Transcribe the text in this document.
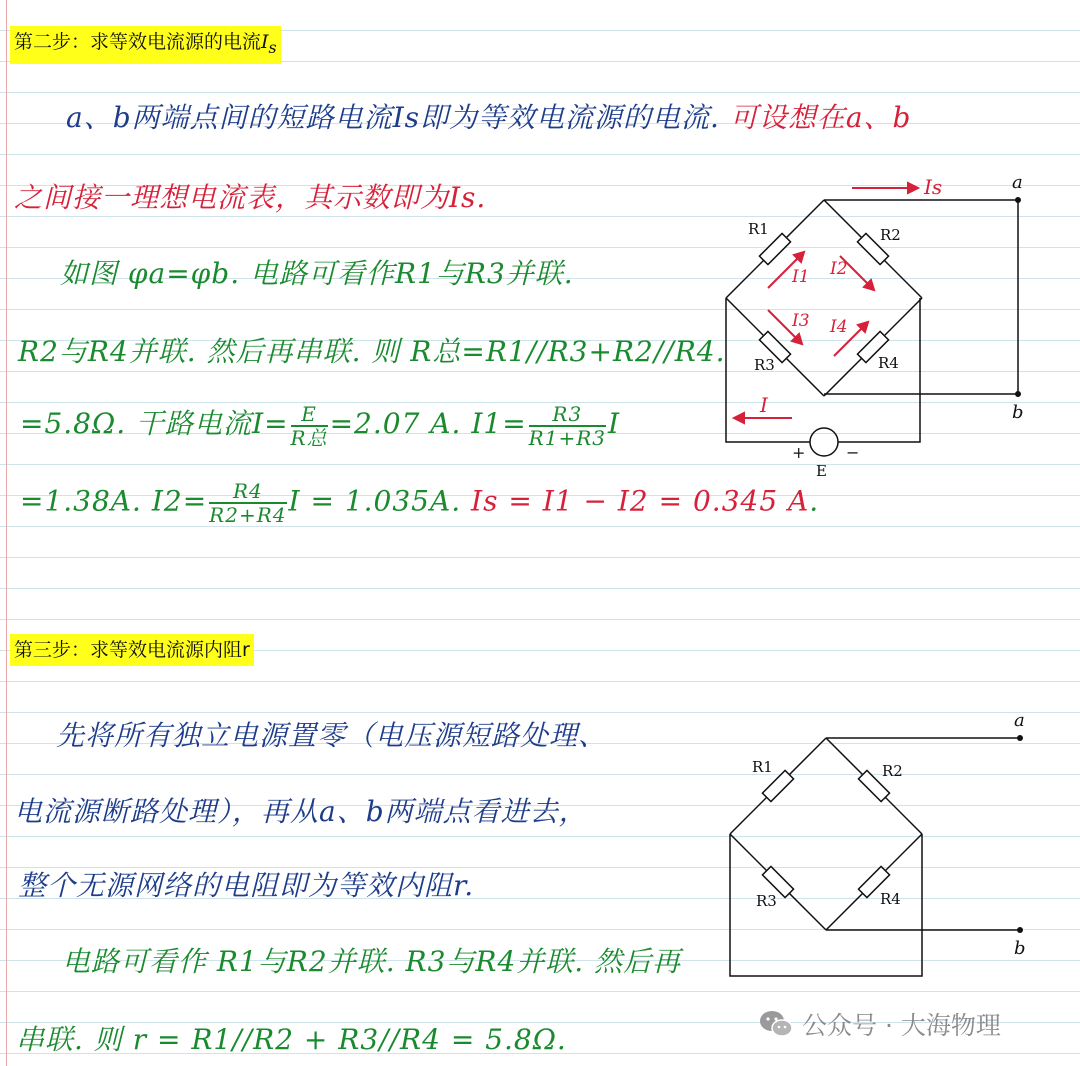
第二步：求等效电流源的电流$I_s$
a、b两端点间的短路电流Is即为等效电流源的电流. 可设想在a、b
之间接一理想电流表，其示数即为Is.
如图 φa=φb. 电路可看作R1与R3并联.
R2与R4并联. 然后再串联. 则 R总=R1//R3+R2//R4.
=5.8Ω. 干路电流$I= \frac{E}{\text{R总}} =2.07$ A. $I1= \frac{R3}{R1+R3}$ I
=1.38A. $I2= \frac{R4}{R2+R4}$ I = 1.035A. Is = I1 − I2 = 0.345 A.
R1	R2
R3	R4
a
b
E
+	−
Is
I
I1 I2
I3 I4
第三步：求等效电流源内阻r
先将所有独立电源置零（电压源短路处理、
电流源断路处理），再从a、b两端点看进去，
整个无源网络的电阻即为等效内阻r.
电路可看作 R1与R2并联. R3与R4并联. 然后再
串联. 则 r = R1//R2 + R3//R4 = 5.8Ω.
R1	R2
R3	R4
a
b
公众号 · 大海物理
